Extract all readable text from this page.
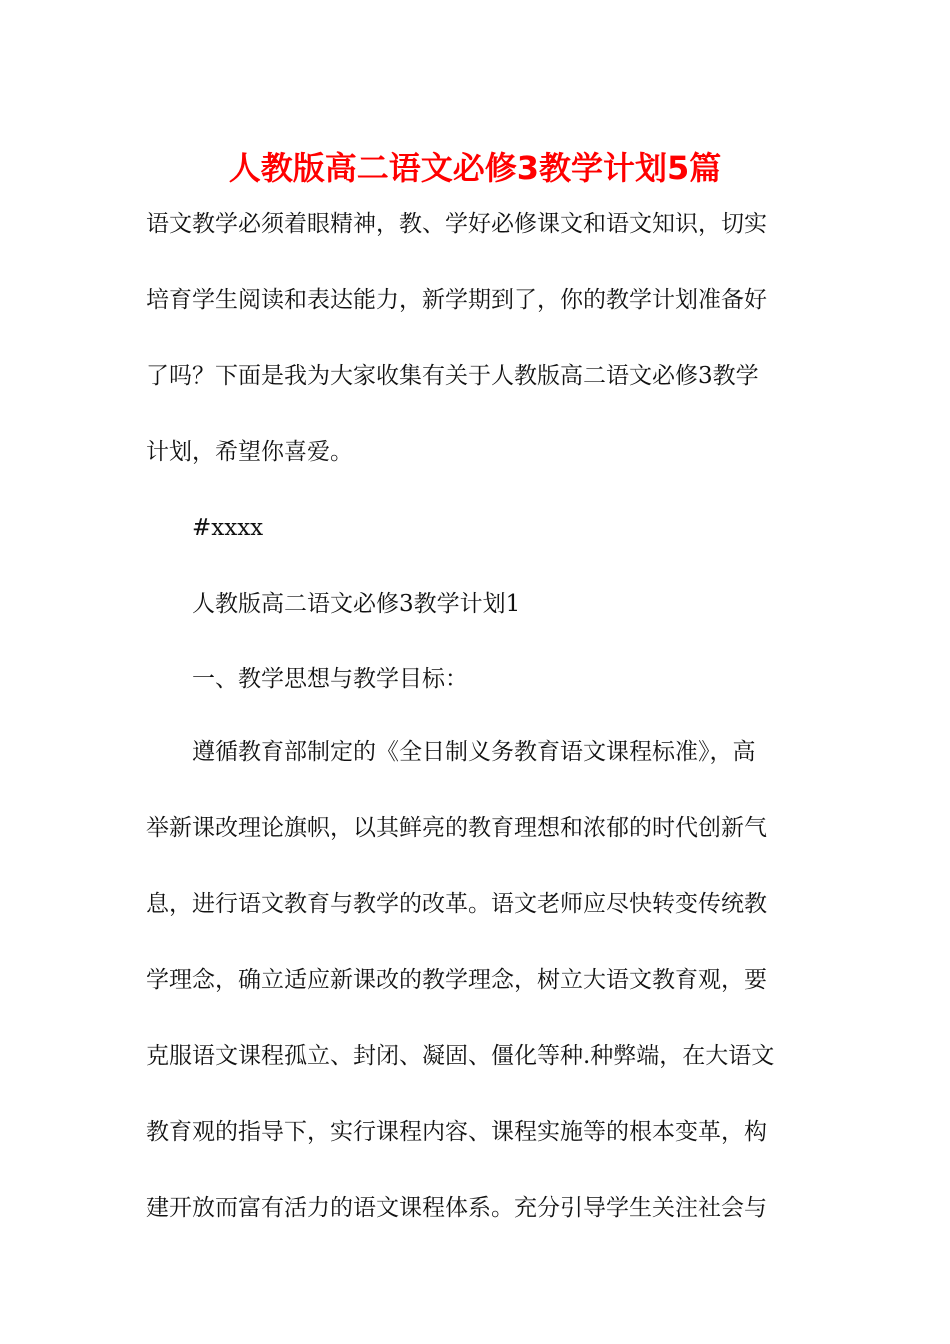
人教版高二语文必修3教学计划5篇
语文教学必须着眼精神，教、学好必修课文和语文知识，切实
培育学生阅读和表达能力，新学期到了，你的教学计划准备好
了吗？下面是我为大家收集有关于人教版高二语文必修3教学
计划，希望你喜爱。
#xxxx
人教版高二语文必修3教学计划1
一、教学思想与教学目标：
遵循教育部制定的《全日制义务教育语文课程标准》，高
举新课改理论旗帜，以其鲜亮的教育理想和浓郁的时代创新气
息，进行语文教育与教学的改革。语文老师应尽快转变传统教
学理念，确立适应新课改的教学理念，树立大语文教育观，要
克服语文课程孤立、封闭、凝固、僵化等种.种弊端，在大语文
教育观的指导下，实行课程内容、课程实施等的根本变革，构
建开放而富有活力的语文课程体系。充分引导学生关注社会与
